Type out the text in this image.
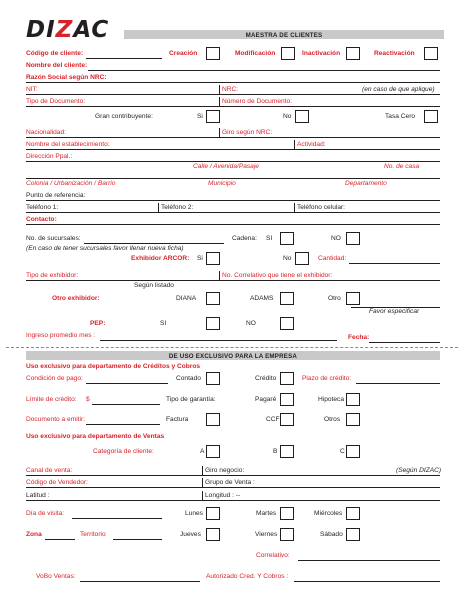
DIZAC	MAESTRA DE CLIENTES
Código de cliente:	Creación	Modificación	Inactivación	Reactivación
Nombre del cliente:
Razón Social según NRC:
NIT:	NRC:	(en caso de que aplique)
Tipo de Documento:	Número de Documento:
Gran contribuyente:	Si	No	Tasa Cero
Nacionalidad:	Giro según NRC:
Nombre del establecimiento:	Actividad:
Dirección Ppal.:
Calle / Avenida/Pasaje	No. de casa
Colonia / Urbanización / Barrio	Municipio	Departamento
Punto de referencia:
Teléfono 1:	Teléfono 2:	Teléfono celular:
Contacto:
No. de sucursales:	Cadena: SI	NO
(En caso de tener sucursales favor llenar nueva ficha)
Exhibidor ARCOR: Si	No	Cantidad:
Tipo de exhibidor:	No. Correlativo que tiene el exhibidor:
Según listado
Otro exhibidor:	DIANA	ADAMS	Otro
Favor especificar
PEP:	SI	NO
Ingreso promedio mes :	Fecha:
DE USO EXCLUSIVO PARA LA EMPRESA
Uso exclusivo para departamento de Créditos y Cobros
Condición de pago:	Contado	Crédito	Plazo de crédito:
Límite de crédito: $	Tipo de garantía:	Pagaré	Hipoteca
Documento a emitir:	Factura	CCF	Otros
Uso exclusivo para departamento de Ventas
Categoría de cliente:	A	B	C
Canal de venta:	Giro negocio:	(Según DIZAC)
Código de Vendedor:	Grupo de Venta :
Latitud :	Longitud : --
Día de visita:	Lunes	Martes	Miércoles
Zona	Territorio	Jueves	Viernes	Sábado
Correlativo:
VoBo Ventas:	Autorizado Cred. Y Cobros :
